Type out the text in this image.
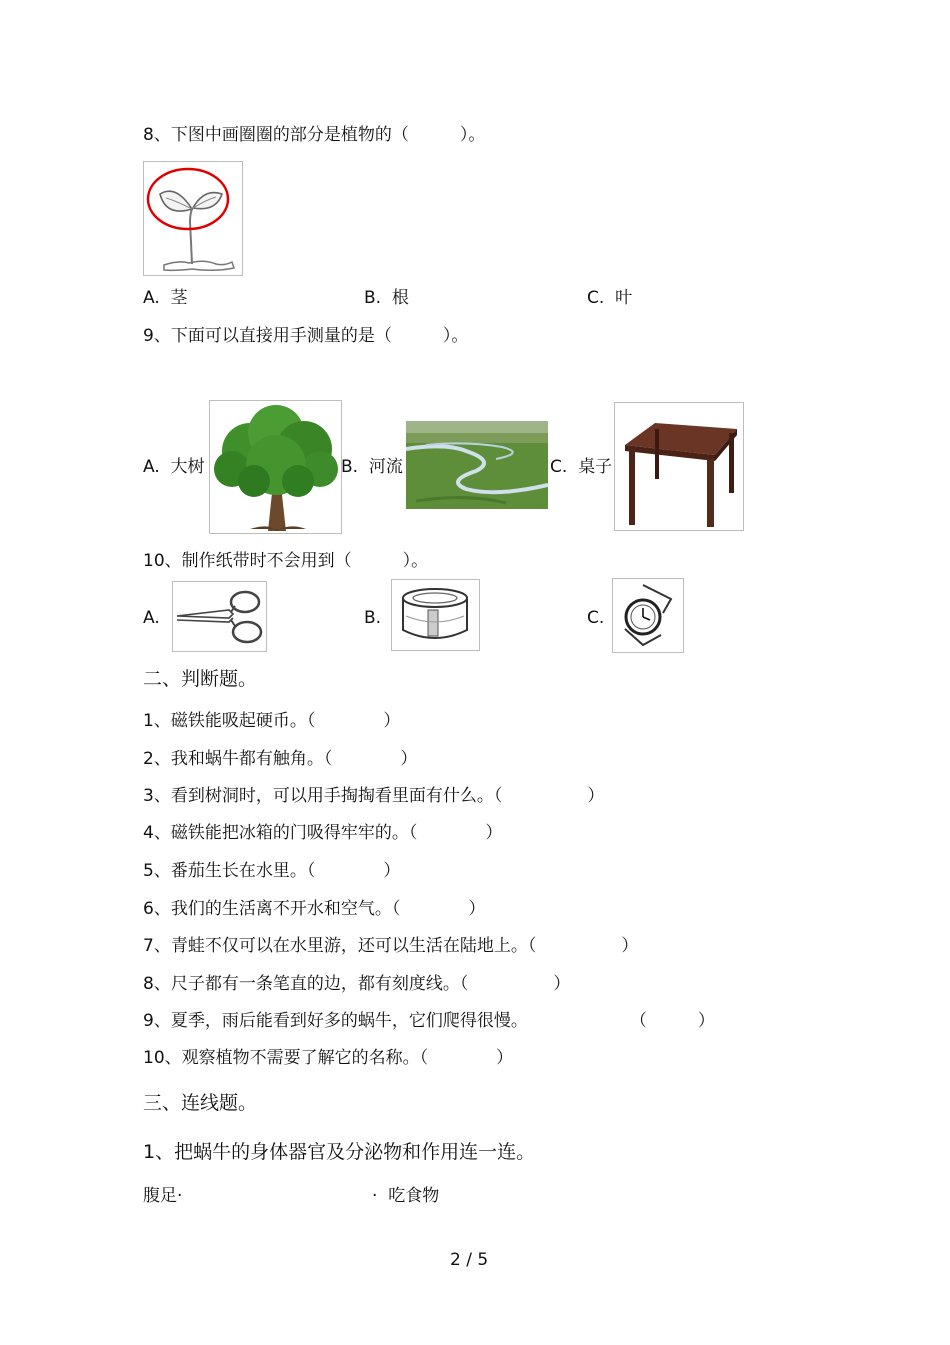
8、下图中画圈圈的部分是植物的（　　　）。
A.  茎	B.  根	C.  叶
9、下面可以直接用手测量的是（　　　）。
A.  大树	B.  河流	C.  桌子
10、制作纸带时不会用到（　　　）。
A.	B.	C.
二、判断题。
1、磁铁能吸起硬币。（　　　　）
2、我和蜗牛都有触角。（　　　　）
3、看到树洞时，可以用手掏掏看里面有什么。（　　　　　）
4、磁铁能把冰箱的门吸得牢牢的。（　　　　）
5、番茄生长在水里。（　　　　）
6、我们的生活离不开水和空气。（　　　　）
7、青蛙不仅可以在水里游，还可以生活在陆地上。（　　　　　）
8、尺子都有一条笔直的边，都有刻度线。（　　　　　）
9、夏季，雨后能看到好多的蜗牛，它们爬得很慢。　　　　　　　（　　　）
10、观察植物不需要了解它的名称。（　　　　）
三、连线题。
1、把蜗牛的身体器官及分泌物和作用连一连。
腹足·	·  吃食物
2 / 5
